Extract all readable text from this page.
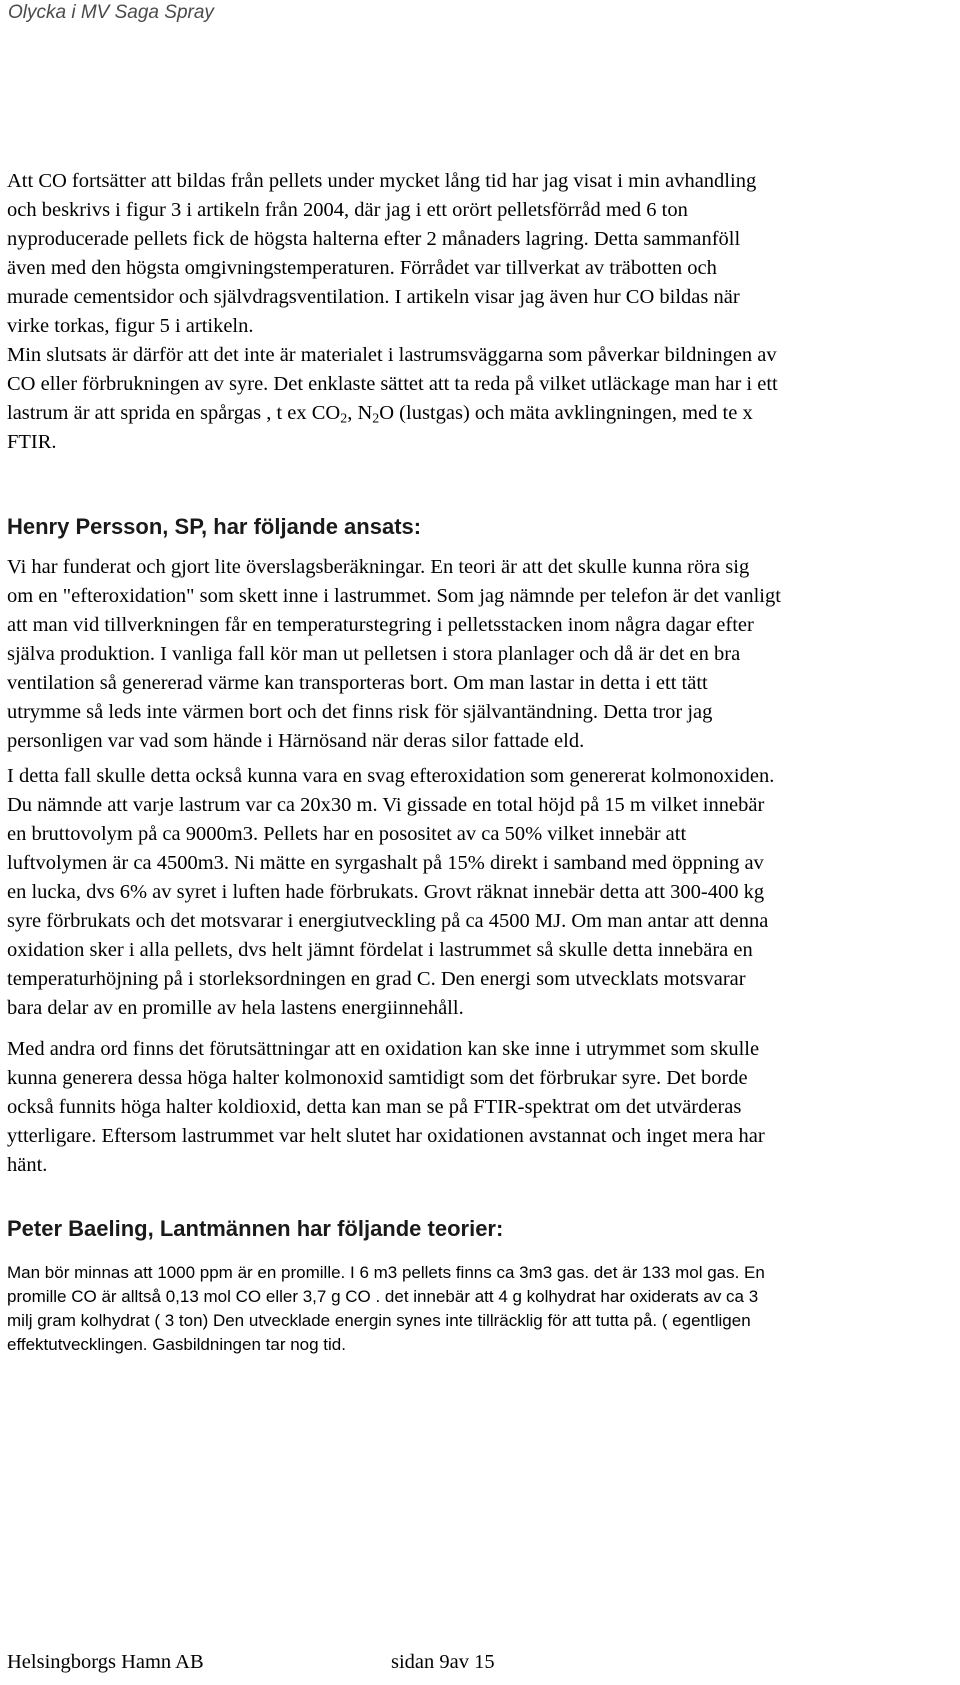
Olycka i MV Saga Spray
Att CO fortsätter att bildas från pellets under mycket lång tid har jag visat i min avhandling
och beskrivs i figur 3 i artikeln från 2004, där jag i ett orört pelletsförråd med 6 ton
nyproducerade pellets fick de högsta halterna efter 2 månaders lagring. Detta sammanföll
även med den högsta omgivningstemperaturen. Förrådet var tillverkat av träbotten och
murade cementsidor och självdragsventilation. I artikeln visar jag även hur CO bildas när
virke torkas, figur 5 i artikeln.
Min slutsats är därför att det inte är materialet i lastrumsväggarna som påverkar bildningen av
CO eller förbrukningen av syre. Det enklaste sättet att ta reda på vilket utläckage man har i ett
lastrum är att sprida en spårgas , t ex $CO_2$, $N_2O$ (lustgas) och mäta avklingningen, med te x
FTIR.
Henry Persson, SP, har följande ansats:
Vi har funderat och gjort lite överslagsberäkningar. En teori är att det skulle kunna röra sig
om en "efteroxidation" som skett inne i lastrummet. Som jag nämnde per telefon är det vanligt
att man vid tillverkningen får en temperaturstegring i pelletsstacken inom några dagar efter
själva produktion. I vanliga fall kör man ut pelletsen i stora planlager och då är det en bra
ventilation så genererad värme kan transporteras bort. Om man lastar in detta i ett tätt
utrymme så leds inte värmen bort och det finns risk för självantändning. Detta tror jag
personligen var vad som hände i Härnösand när deras silor fattade eld.
I detta fall skulle detta också kunna vara en svag efteroxidation som genererat kolmonoxiden.
Du nämnde att varje lastrum var ca 20x30 m. Vi gissade en total höjd på 15 m vilket innebär
en bruttovolym på ca 9000m3. Pellets har en posositet av ca 50% vilket innebär att
luftvolymen är ca 4500m3. Ni mätte en syrgashalt på 15% direkt i samband med öppning av
en lucka, dvs 6% av syret i luften hade förbrukats. Grovt räknat innebär detta att 300-400 kg
syre förbrukats och det motsvarar i energiutveckling på ca 4500 MJ. Om man antar att denna
oxidation sker i alla pellets, dvs helt jämnt fördelat i lastrummet så skulle detta innebära en
temperaturhöjning på i storleksordningen en grad C. Den energi som utvecklats motsvarar
bara delar av en promille av hela lastens energiinnehåll.
Med andra ord finns det förutsättningar att en oxidation kan ske inne i utrymmet som skulle
kunna generera dessa höga halter kolmonoxid samtidigt som det förbrukar syre. Det borde
också funnits höga halter koldioxid, detta kan man se på FTIR-spektrat om det utvärderas
ytterligare. Eftersom lastrummet var helt slutet har oxidationen avstannat och inget mera har
hänt.
Peter Baeling, Lantmännen har följande teorier:
Man bör minnas att 1000 ppm är en promille. I 6 m3 pellets finns ca 3m3 gas. det är 133 mol gas. En
promille CO är alltså 0,13 mol CO eller 3,7 g CO . det innebär att 4 g kolhydrat har oxiderats av ca 3
milj gram kolhydrat ( 3 ton) Den utvecklade energin synes inte tillräcklig för att tutta på. ( egentligen
effektutvecklingen. Gasbildningen tar nog tid.
Helsingborgs Hamn AB	sidan 9av 15
